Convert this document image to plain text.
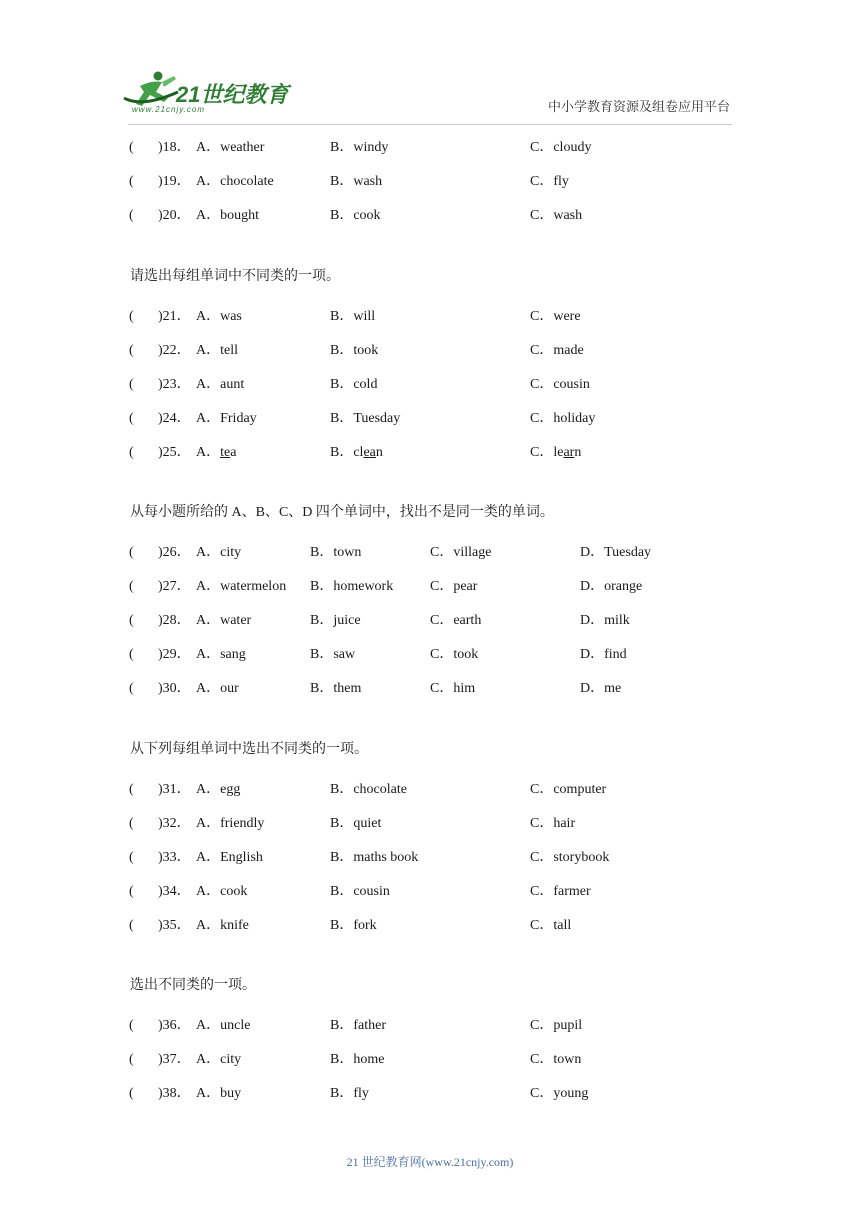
21世纪教育
www.21cnjy.com	中小学教育资源及组卷应用平台
( )18． A．weather	B．windy	C．cloudy
( )19． A．chocolate	B．wash	C．fly
( )20． A．bought	B．cook	C．wash
请选出每组单词中不同类的一项。
( )21． A．was	B．will	C．were
( )22． A．tell	B．took	C．made
( )23． A．aunt	B．cold	C．cousin
( )24． A．Friday	B．Tuesday	C．holiday
( )25． A．tea	B．clean	C．learn
从每小题所给的 A、B、C、D 四个单词中，找出不是同一类的单词。
( )26． A．city	B．town	C．village	D．Tuesday
( )27． A．watermelon B．homework	C．pear	D．orange
( )28． A．water	B．juice	C．earth	D．milk
( )29． A．sang	B．saw	C．took	D．find
( )30． A．our	B．them	C．him	D．me
从下列每组单词中选出不同类的一项。
( )31． A．egg	B．chocolate	C．computer
( )32． A．friendly	B．quiet	C．hair
( )33． A．English	B．maths book	C．storybook
( )34． A．cook	B．cousin	C．farmer
( )35． A．knife	B．fork	C．tall
选出不同类的一项。
( )36． A．uncle	B．father	C．pupil
( )37． A．city	B．home	C．town
( )38． A．buy	B．fly	C．young
21 世纪教育网(www.21cnjy.com)
